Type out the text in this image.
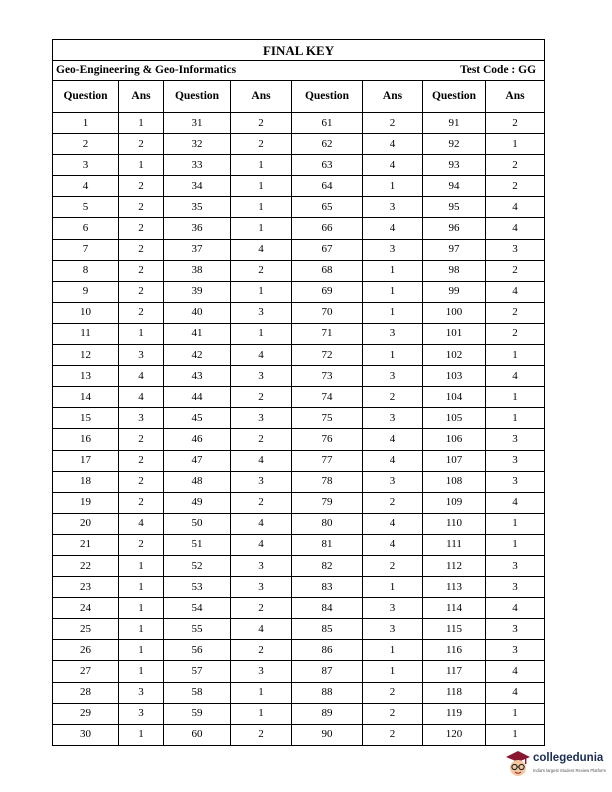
FINAL KEY							
Geo-Engineering & Geo-Informatics					Test Code : GG		
Question	Ans	Question	Ans	Question	Ans	Question	Ans
1	1	31	2	61	2	91	2
2	2	32	2	62	4	92	1
3	1	33	1	63	4	93	2
4	2	34	1	64	1	94	2
5	2	35	1	65	3	95	4
6	2	36	1	66	4	96	4
7	2	37	4	67	3	97	3
8	2	38	2	68	1	98	2
9	2	39	1	69	1	99	4
10	2	40	3	70	1	100	2
11	1	41	1	71	3	101	2
12	3	42	4	72	1	102	1
13	4	43	3	73	3	103	4
14	4	44	2	74	2	104	1
15	3	45	3	75	3	105	1
16	2	46	2	76	4	106	3
17	2	47	4	77	4	107	3
18	2	48	3	78	3	108	3
19	2	49	2	79	2	109	4
20	4	50	4	80	4	110	1
21	2	51	4	81	4	111	1
22	1	52	3	82	2	112	3
23	1	53	3	83	1	113	3
24	1	54	2	84	3	114	4
25	1	55	4	85	3	115	3
26	1	56	2	86	1	116	3
27	1	57	3	87	1	117	4
28	3	58	1	88	2	118	4
29	3	59	1	89	2	119	1
30	1	60	2	90	2	120	1
collegedunia
India's largest Student Review Platform
